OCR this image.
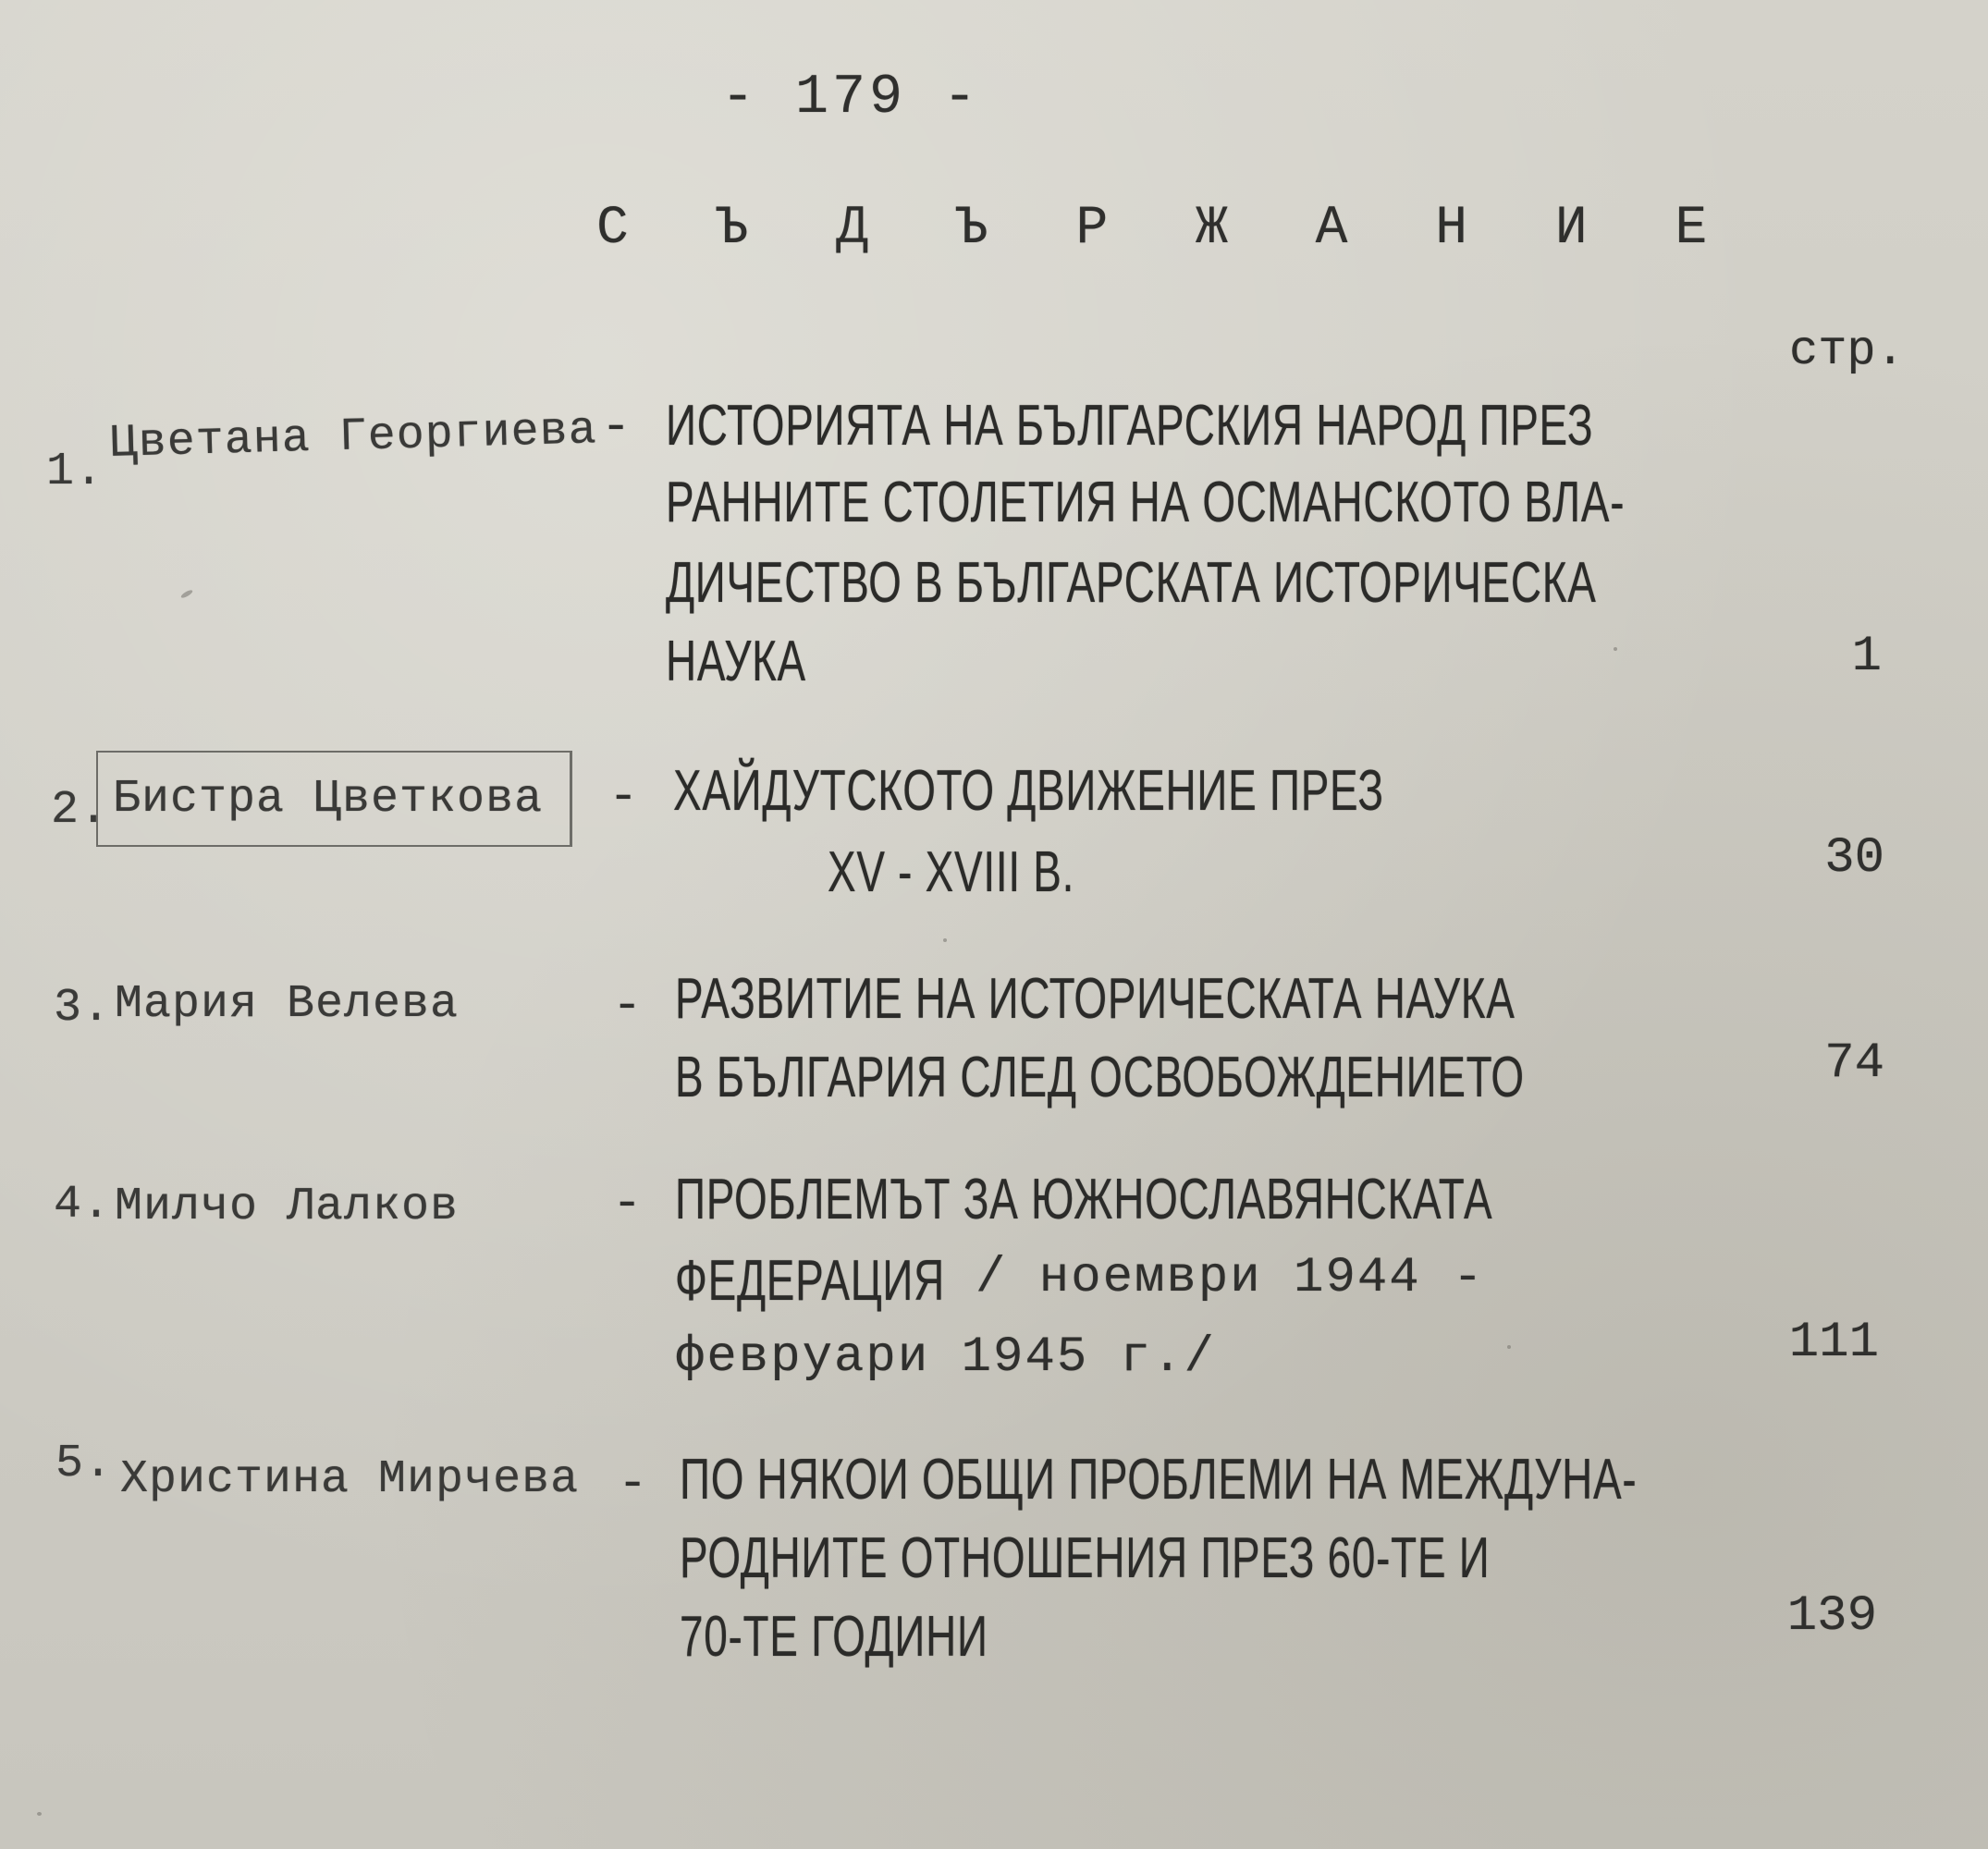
- 179 -
С Ъ Д Ъ Р Ж А Н И Е
стр.
1.
Цветана Георгиева - ИСТОРИЯТА НА БЪЛГАРСКИЯ НАРОД ПРЕЗ
РАННИТЕ СТОЛЕТИЯ НА ОСМАНСКОТО ВЛА-
ДИЧЕСТВО В БЪЛГАРСКАТА ИСТОРИЧЕСКА
НАУКА	1
2. Бистра Цветкова - ХАЙДУТСКОТО ДВИЖЕНИЕ ПРЕЗ
XV - XVIII В.	30
3. Мария Велева	- РАЗВИТИЕ НА ИСТОРИЧЕСКАТА НАУКА
В БЪЛГАРИЯ СЛЕД ОСВОБОЖДЕНИЕТО	74
4. Милчо Лалков	- ПРОБЛЕМЪТ ЗА ЮЖНОСЛАВЯНСКАТА
ФЕДЕРАЦИЯ / ноември 1944 -
февруари 1945 г./	111
5. Христина Мирчева - ПО НЯКОИ ОБЩИ ПРОБЛЕМИ НА МЕЖДУНА-
РОДНИТЕ ОТНОШЕНИЯ ПРЕЗ 60-ТЕ И
70-ТЕ ГОДИНИ	139
